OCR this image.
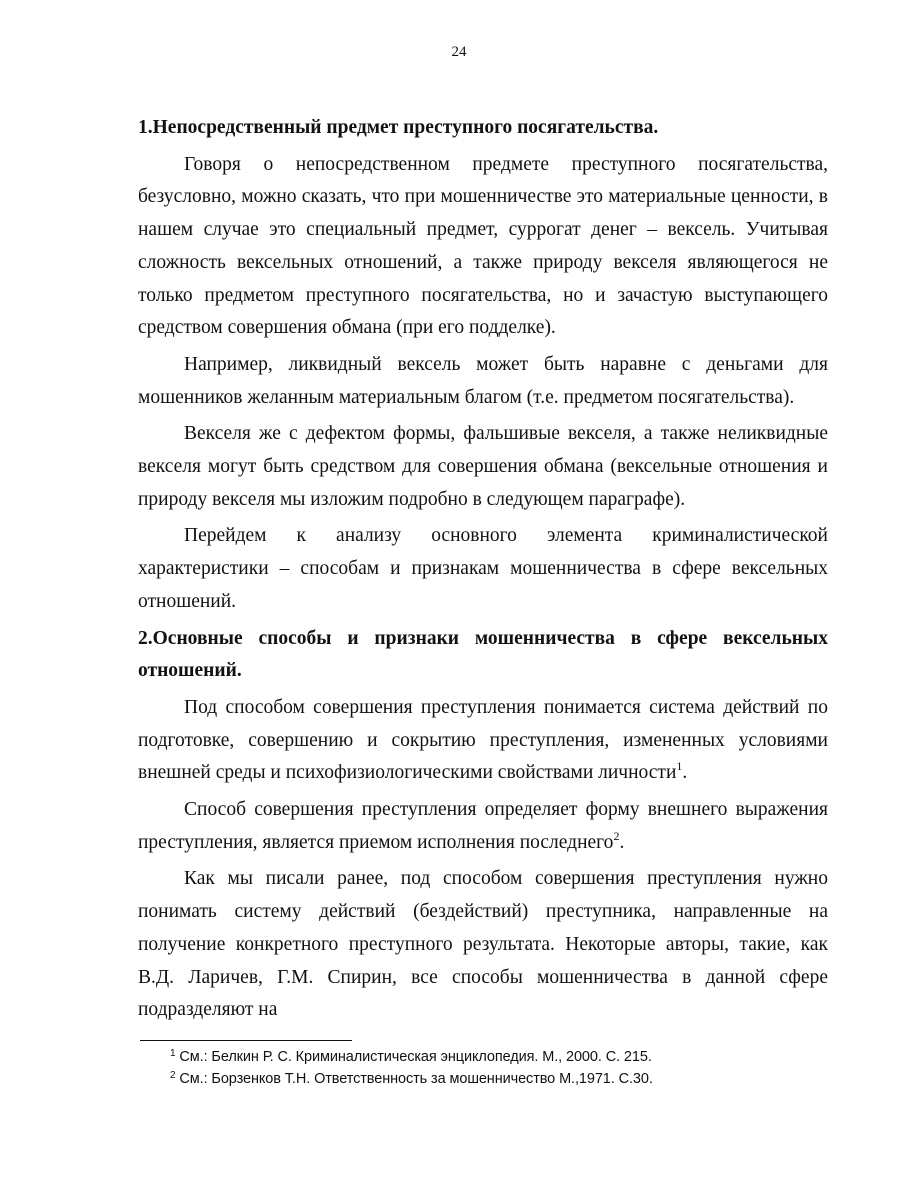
24

1.Непосредственный предмет преступного посягательства.

Говоря о непосредственном предмете преступного посягательства, безусловно, можно сказать, что при мошенничестве это материальные ценности, в нашем случае это специальный предмет, суррогат денег – вексель. Учитывая сложность вексельных отношений, а также природу векселя являющегося не только предметом преступного посягательства, но и зачастую выступающего средством совершения обмана (при его подделке).

Например, ликвидный вексель может быть наравне с деньгами для мошенников желанным материальным благом (т.е. предметом посягательства).

Векселя же с дефектом формы, фальшивые векселя, а также неликвидные векселя могут быть средством для совершения обмана (вексельные отношения и природу векселя мы изложим подробно в следующем параграфе).

Перейдем к анализу основного элемента криминалистической характеристики – способам и признакам мошенничества в сфере вексельных отношений.

2.Основные способы и признаки мошенничества в сфере вексельных отношений.

Под способом совершения преступления понимается система действий по подготовке, совершению и сокрытию преступления, измененных условиями внешней среды и психофизиологическими свойствами личности$^1$.

Способ совершения преступления определяет форму внешнего выражения преступления, является приемом исполнения последнего$^2$.

Как мы писали ранее, под способом совершения преступления нужно понимать систему действий (бездействий) преступника, направленные на получение конкретного преступного результата. Некоторые авторы, такие, как В.Д. Ларичев, Г.М. Спирин, все способы мошенничества в данной сфере подразделяют на

$^1$ См.: Белкин Р. С. Криминалистическая энциклопедия. М., 2000. С. 215.

$^2$ См.: Борзенков Т.Н. Ответственность за мошенничество М.,1971. С.30.
